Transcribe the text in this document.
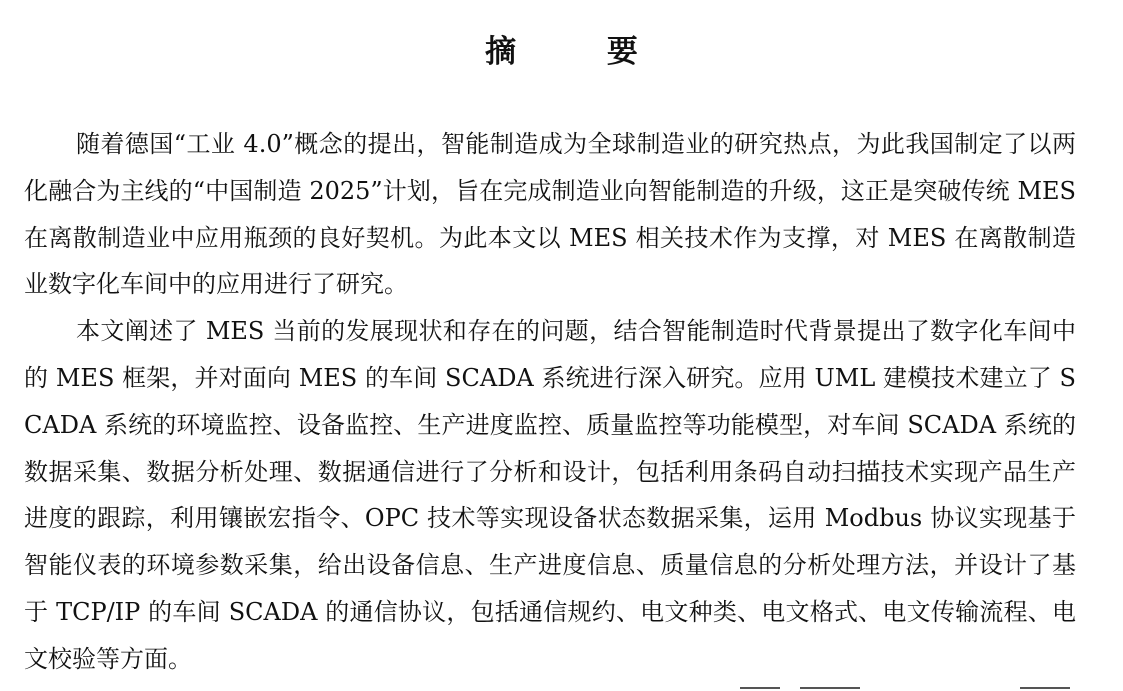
摘 要

随着德国“工业 4.0”概念的提出，智能制造成为全球制造业的研究热点，为此我国制定了以两化融合为主线的“中国制造 2025”计划，旨在完成制造业向智能制造的升级，这正是突破传统 MES 在离散制造业中应用瓶颈的良好契机。为此本文以 MES 相关技术作为支撑，对 MES 在离散制造业数字化车间中的应用进行了研究。

本文阐述了 MES 当前的发展现状和存在的问题，结合智能制造时代背景提出了数字化车间中的 MES 框架，并对面向 MES 的车间 SCADA 系统进行深入研究。应用 UML 建模技术建立了 SCADA 系统的环境监控、设备监控、生产进度监控、质量监控等功能模型，对车间 SCADA 系统的数据采集、数据分析处理、数据通信进行了分析和设计，包括利用条码自动扫描技术实现产品生产进度的跟踪，利用镶嵌宏指令、OPC 技术等实现设备状态数据采集，运用 Modbus 协议实现基于智能仪表的环境参数采集，给出设备信息、生产进度信息、质量信息的分析处理方法，并设计了基于 TCP/IP 的车间 SCADA 的通信协议，包括通信规约、电文种类、电文格式、电文传输流程、电文校验等方面。
